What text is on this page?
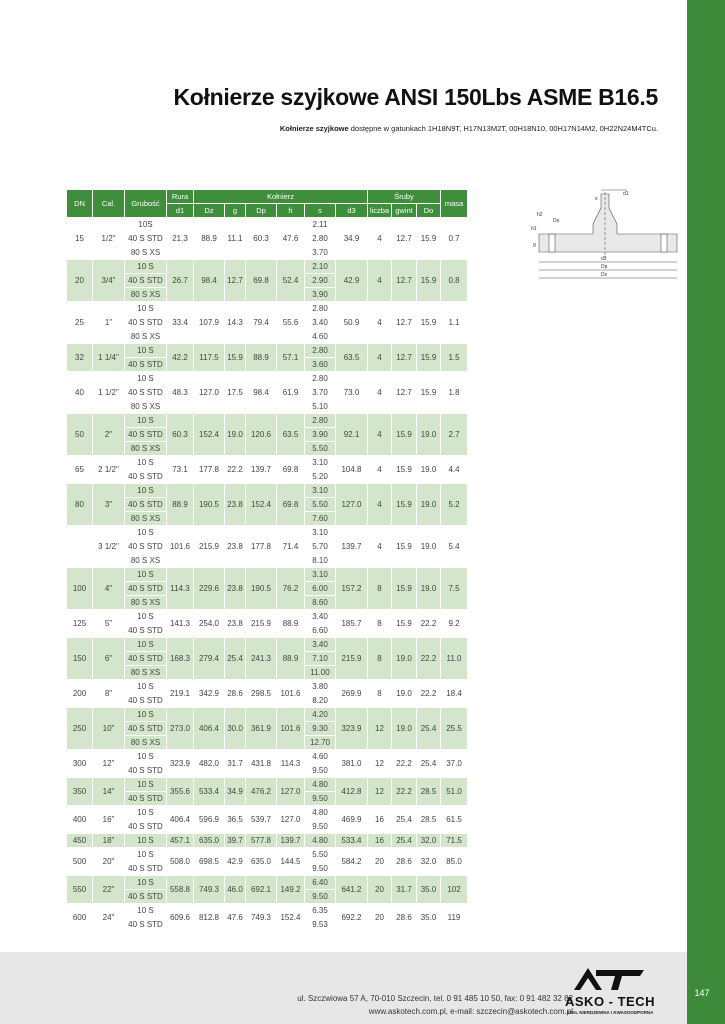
Kołnierze szyjkowe ANSI 150Lbs ASME B16.5
Kołnierze szyjkowe dostępne w gatunkach 1H18N9T, H17N13M2T, 00H18N10, 00H17N14M2, 0H22N24M4TCu.
DN	Cal.	Grubość	Rura	Kołnierz						Śruby			masa
			d1	Dz	g	Dp	h	s	d3	liczba	gwint	Do	
15	1/2"	10S	21.3	88.9	11.1	60.3	47.6	2.11	34.9	4	12.7	15.9	0.7
		40 S STD						2.80					
		80 S XS						3.70					
20	3/4"	10 S	26.7	98.4	12.7	69.8	52.4	2.10	42.9	4	12.7	15.9	0.8
		40 S STD						2.90					
		80 S XS						3.90					
25	1"	10 S	33.4	107.9	14.3	79.4	55.6	2.80	50.9	4	12.7	15.9	1.1
		40 S STD						3.40					
		80 S XS						4.60					
32	1 1/4"	10 S	42.2	117.5	15.9	88.9	57.1	2.80	63.5	4	12.7	15.9	1.5
		40 S STD						3.60					
40	1 1/2"	10 S	48.3	127.0	17.5	98.4	61.9	2.80	73.0	4	12.7	15.9	1.8
		40 S STD						3.70					
		80 S XS						5.10					
50	2"	10 S	60.3	152.4	19.0	120.6	63.5	2.80	92.1	4	15.9	19.0	2.7
		40 S STD						3.90					
		80 S XS						5.50					
65	2 1/2"	10 S	73.1	177.8	22.2	139.7	69.8	3.10	104.8	4	15.9	19.0	4.4
		40 S STD						5.20					
80	3"	10 S	88.9	190.5	23.8	152.4	69.8	3.10	127.0	4	15.9	19.0	5.2
		40 S STD						5.50					
		80 S XS						7.60					
	3 1/2"	10 S	101.6	215.9	23.8	177.8	71.4	3.10	139.7	4	15.9	19.0	5.4
		40 S STD						5.70					
		80 S XS						8.10					
100	4"	10 S	114.3	229.6	23.8	190.5	76.2	3.10	157.2	8	15.9	19.0	7.5
		40 S STD						6.00					
		80 S XS						8.60					
125	5"	10 S	141.3	254.0	23.8	215.9	88.9	3.40	185.7	8	15.9	22.2	9.2
		40 S STD						6.60					
150	6"	10 S	168.3	279.4	25.4	241.3	88.9	3.40	215.9	8	19.0	22.2	11.0
		40 S STD						7.10					
		80 S XS						11.00					
200	8"	10 S	219.1	342.9	28.6	298.5	101.6	3.80	269.9	8	19.0	22.2	18.4
		40 S STD						8.20					
250	10"	10 S	273.0	406.4	30.0	361.9	101.6	4.20	323.9	12	19.0	25.4	25.5
		40 S STD						9.30					
		80 S XS						12.70					
300	12"	10 S	323.9	482.0	31.7	431.8	114.3	4.60	381.0	12	22.2	25.4	37.0
		40 S STD						9.50					
350	14"	10 S	355.6	533.4	34.9	476.2	127.0	4.80	412.8	12	22.2	28.5	51.0
		40 S STD						9.50					
400	16"	10 S	406.4	596.9	36.5	539.7	127.0	4.80	469.9	16	25.4	28.5	61.5
		40 S STD						9.50					
450	18"	10 S	457.1	635.0	39.7	577.8	139.7	4.80	533.4	16	25.4	32.0	71.5
500	20"	10 S	508.0	698.5	42.9	635.0	144.5	5.50	584.2	20	28.6	32.0	85.0
		40 S STD						9.50					
550	22"	10 S	558.8	749.3	46.0	692.1	149.2	6.40	641.2	20	31.7	35.0	102
		40 S STD						9.50					
600	24"	10 S	609.6	812.8	47.6	749.3	152.4	6.35	692.2	20	28.6	35.0	119
		40 S STD						9.53					
d1
s
h2
Do
h1
g
d3
Dp
Dz
ul. Szczwiowa 57 A, 70-010 Szczecin, tel. 0 91 485 10 50, fax: 0 91 482 32 82
www.askotech.com.pl, e-mail: szczecin@askotech.com.pl
ASKO - TECH
STAL NIERDZEWNA I KWASOODPORNA
147
